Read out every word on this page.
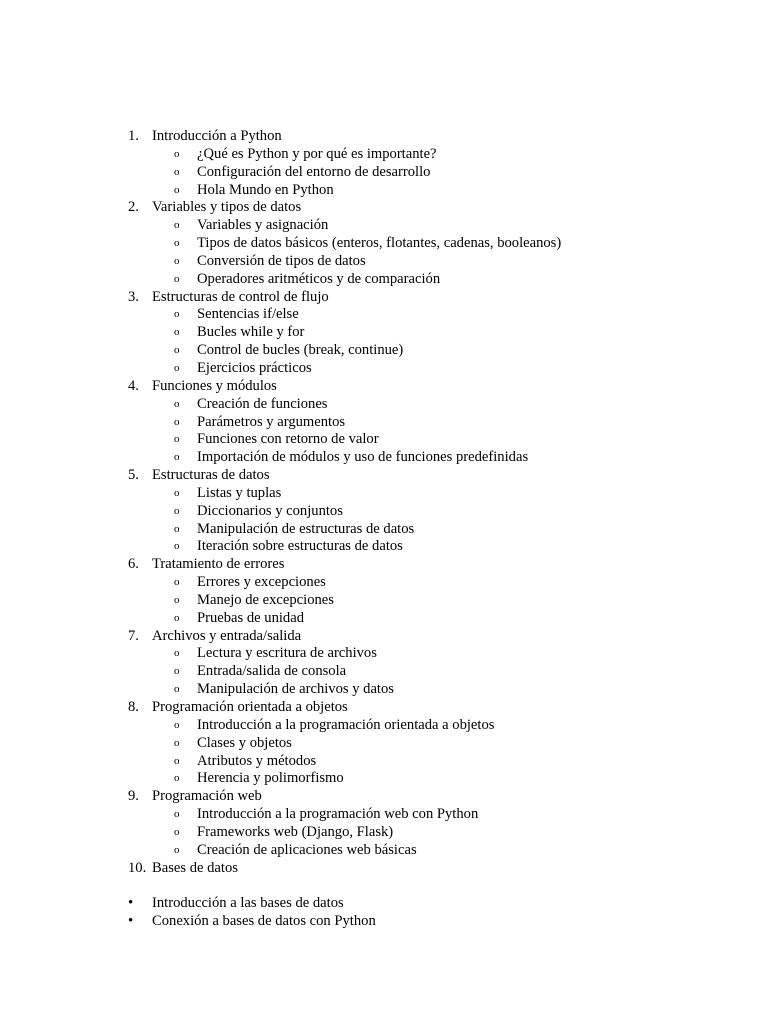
1. Introducción a Python
o ¿Qué es Python y por qué es importante?
o Configuración del entorno de desarrollo
o Hola Mundo en Python
2. Variables y tipos de datos
o Variables y asignación
o Tipos de datos básicos (enteros, flotantes, cadenas, booleanos)
o Conversión de tipos de datos
o Operadores aritméticos y de comparación
3. Estructuras de control de flujo
o Sentencias if/else
o Bucles while y for
o Control de bucles (break, continue)
o Ejercicios prácticos
4. Funciones y módulos
o Creación de funciones
o Parámetros y argumentos
o Funciones con retorno de valor
o Importación de módulos y uso de funciones predefinidas
5. Estructuras de datos
o Listas y tuplas
o Diccionarios y conjuntos
o Manipulación de estructuras de datos
o Iteración sobre estructuras de datos
6. Tratamiento de errores
o Errores y excepciones
o Manejo de excepciones
o Pruebas de unidad
7. Archivos y entrada/salida
o Lectura y escritura de archivos
o Entrada/salida de consola
o Manipulación de archivos y datos
8. Programación orientada a objetos
o Introducción a la programación orientada a objetos
o Clases y objetos
o Atributos y métodos
o Herencia y polimorfismo
9. Programación web
o Introducción a la programación web con Python
o Frameworks web (Django, Flask)
o Creación de aplicaciones web básicas
10. Bases de datos
•	Introducción a las bases de datos
•	Conexión a bases de datos con Python
